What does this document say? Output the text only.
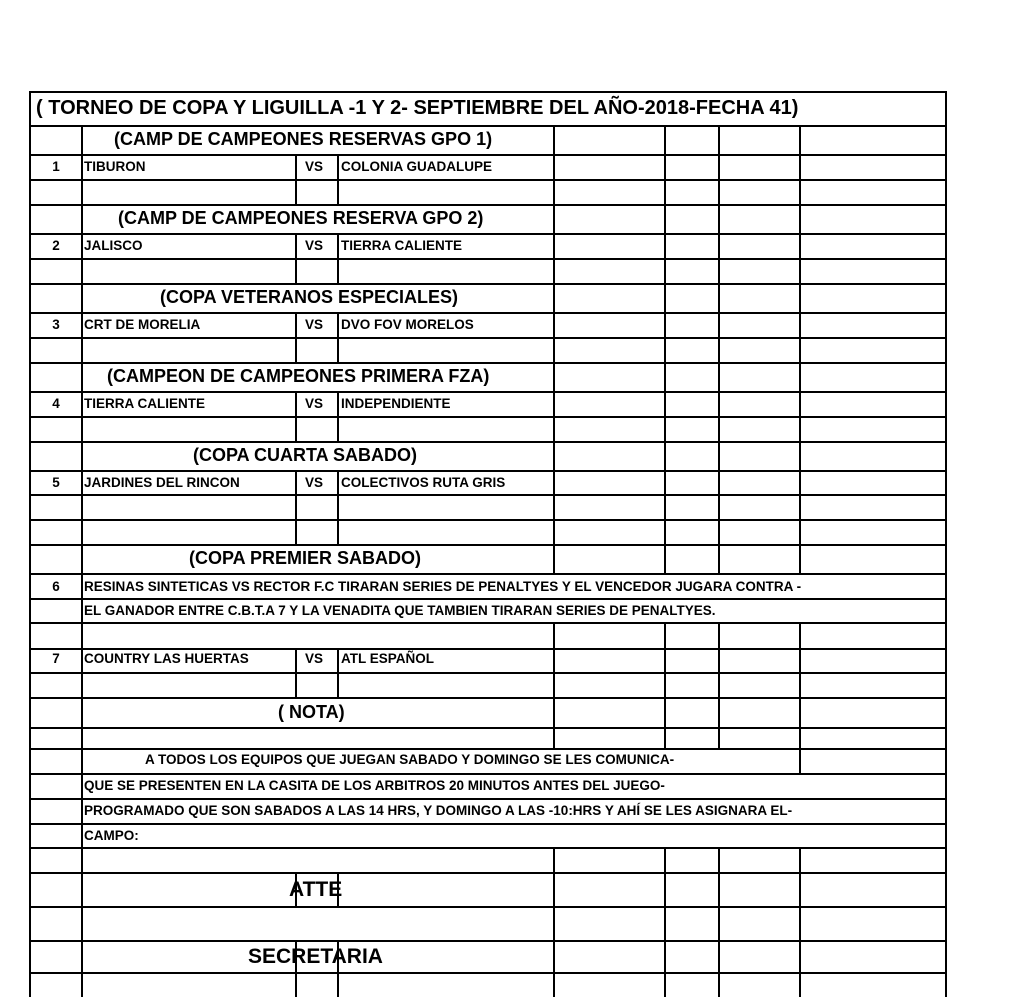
( TORNEO DE COPA Y LIGUILLA -1 Y 2- SEPTIEMBRE DEL AÑO-2018-FECHA 41)
(CAMP DE CAMPEONES RESERVAS GPO 1)
(CAMP DE CAMPEONES RESERVA GPO 2)
(COPA VETERANOS ESPECIALES)
(CAMPEON DE CAMPEONES PRIMERA FZA)
(COPA CUARTA SABADO)
(COPA PREMIER SABADO)
1	TIBURON	VS COLONIA GUADALUPE
2	JALISCO	VS TIERRA CALIENTE
3	CRT DE MORELIA	VS DVO FOV MORELOS
4	TIERRA CALIENTE	VS INDEPENDIENTE
5	JARDINES DEL RINCON	VS COLECTIVOS RUTA GRIS
6	RESINAS SINTETICAS VS RECTOR F.C TIRARAN SERIES DE PENALTYES Y EL VENCEDOR JUGARA CONTRA -
EL GANADOR ENTRE C.B.T.A 7 Y LA VENADITA QUE TAMBIEN TIRARAN SERIES DE PENALTYES.
7	COUNTRY LAS HUERTAS	VS ATL ESPAÑOL
( NOTA)
A TODOS LOS EQUIPOS QUE JUEGAN SABADO Y DOMINGO SE LES COMUNICA-
QUE SE PRESENTEN EN LA CASITA DE LOS ARBITROS 20 MINUTOS ANTES DEL JUEGO-
PROGRAMADO QUE SON SABADOS A LAS 14 HRS, Y DOMINGO A LAS -10:HRS Y AHÍ SE LES ASIGNARA EL-
CAMPO:
ATTE
SECRETARIA
